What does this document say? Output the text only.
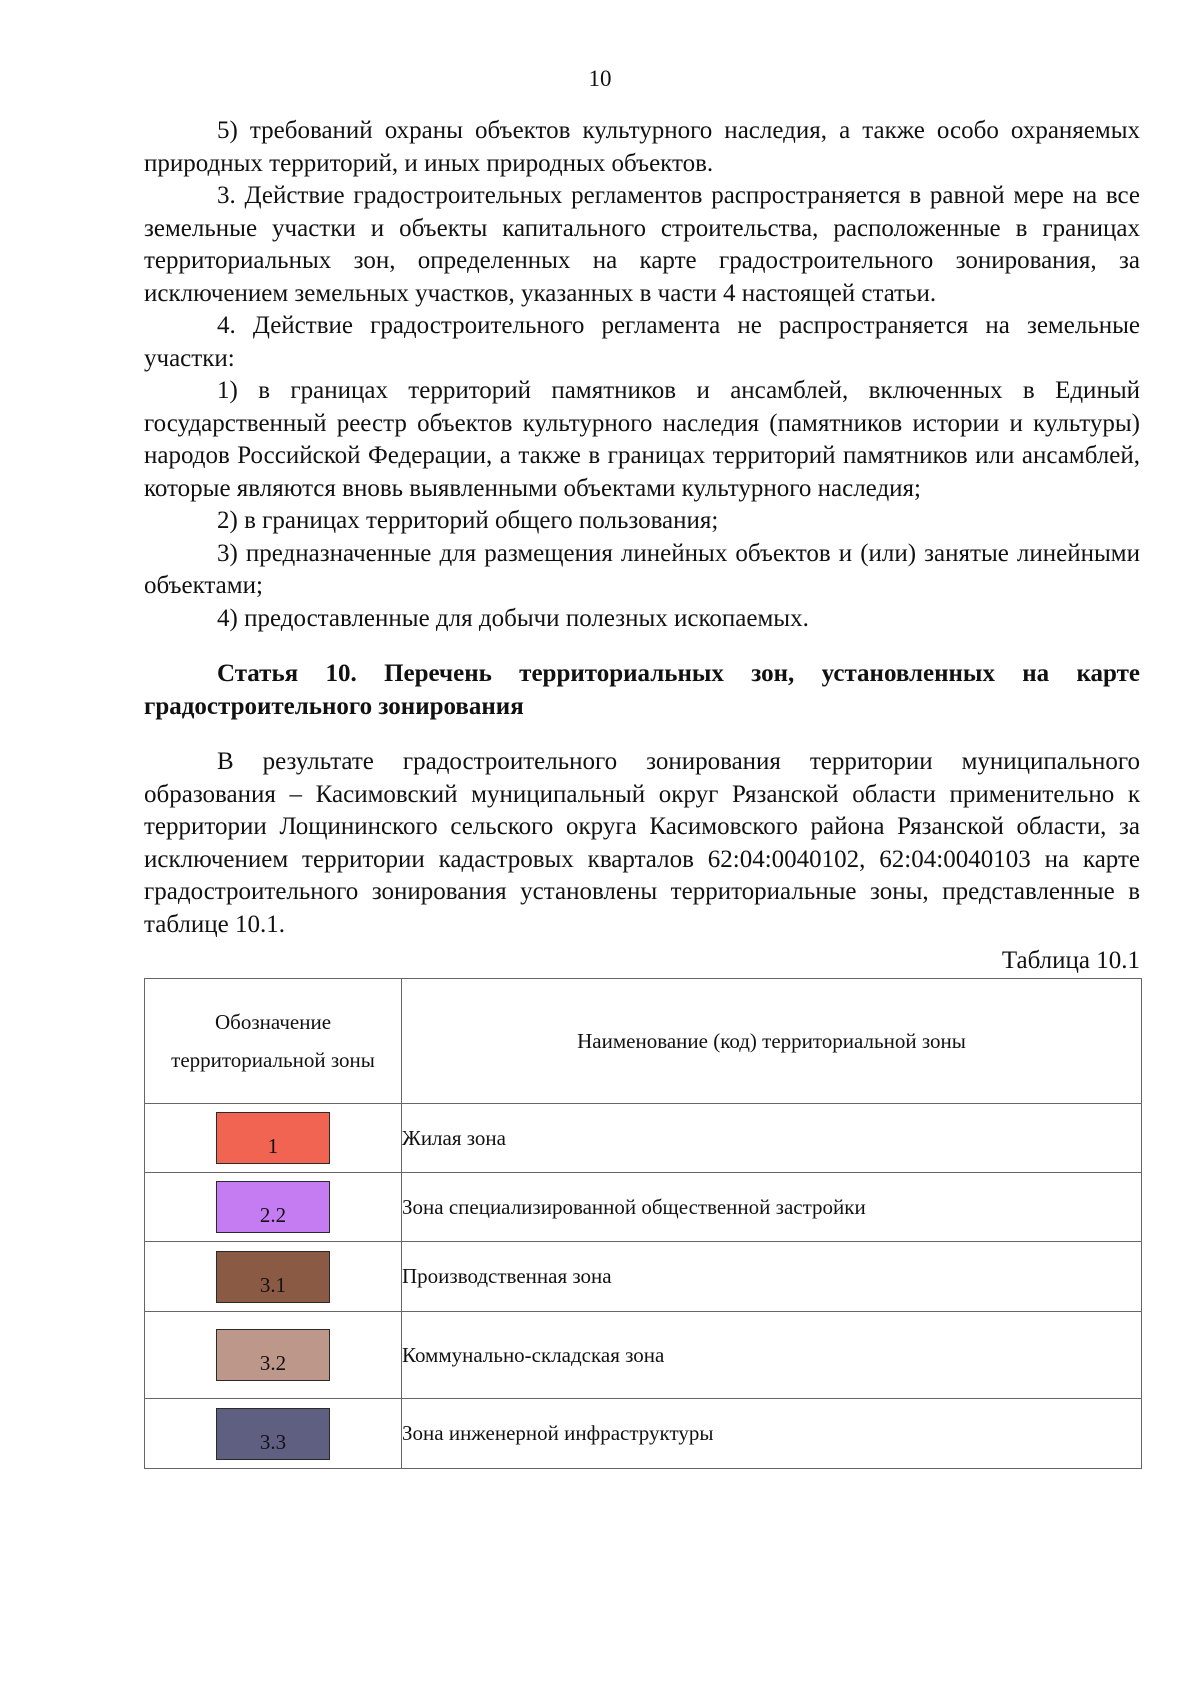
10

5) требований охраны объектов культурного наследия, а также особо охраняемых природных территорий, и иных природных объектов.

3. Действие градостроительных регламентов распространяется в равной мере на все земельные участки и объекты капитального строительства, расположенные в границах территориальных зон, определенных на карте градостроительного зонирования, за исключением земельных участков, указанных в части 4 настоящей статьи.

4. Действие градостроительного регламента не распространяется на земельные участки:

1) в границах территорий памятников и ансамблей, включенных в Единый государственный реестр объектов культурного наследия (памятников истории и культуры) народов Российской Федерации, а также в границах территорий памятников или ансамблей, которые являются вновь выявленными объектами культурного наследия;

2) в границах территорий общего пользования;

3) предназначенные для размещения линейных объектов и (или) занятые линейными объектами;

4) предоставленные для добычи полезных ископаемых.

Статья 10. Перечень территориальных зон, установленных на карте градостроительного зонирования

В результате градостроительного зонирования территории муниципального образования – Касимовский муниципальный округ Рязанской области применительно к территории Лощининского сельского округа Касимовского района Рязанской области, за исключением территории кадастровых кварталов 62:04:0040102, 62:04:0040103 на карте градостроительного зонирования установлены территориальные зоны, представленные в таблице 10.1.

Таблица 10.1

Обозначение территориальной зоны	Наименование (код) территориальной зоны
1	Жилая зона
2.2	Зона специализированной общественной застройки
3.1	Производственная зона
3.2	Коммунально-складская зона
3.3	Зона инженерной инфраструктуры
